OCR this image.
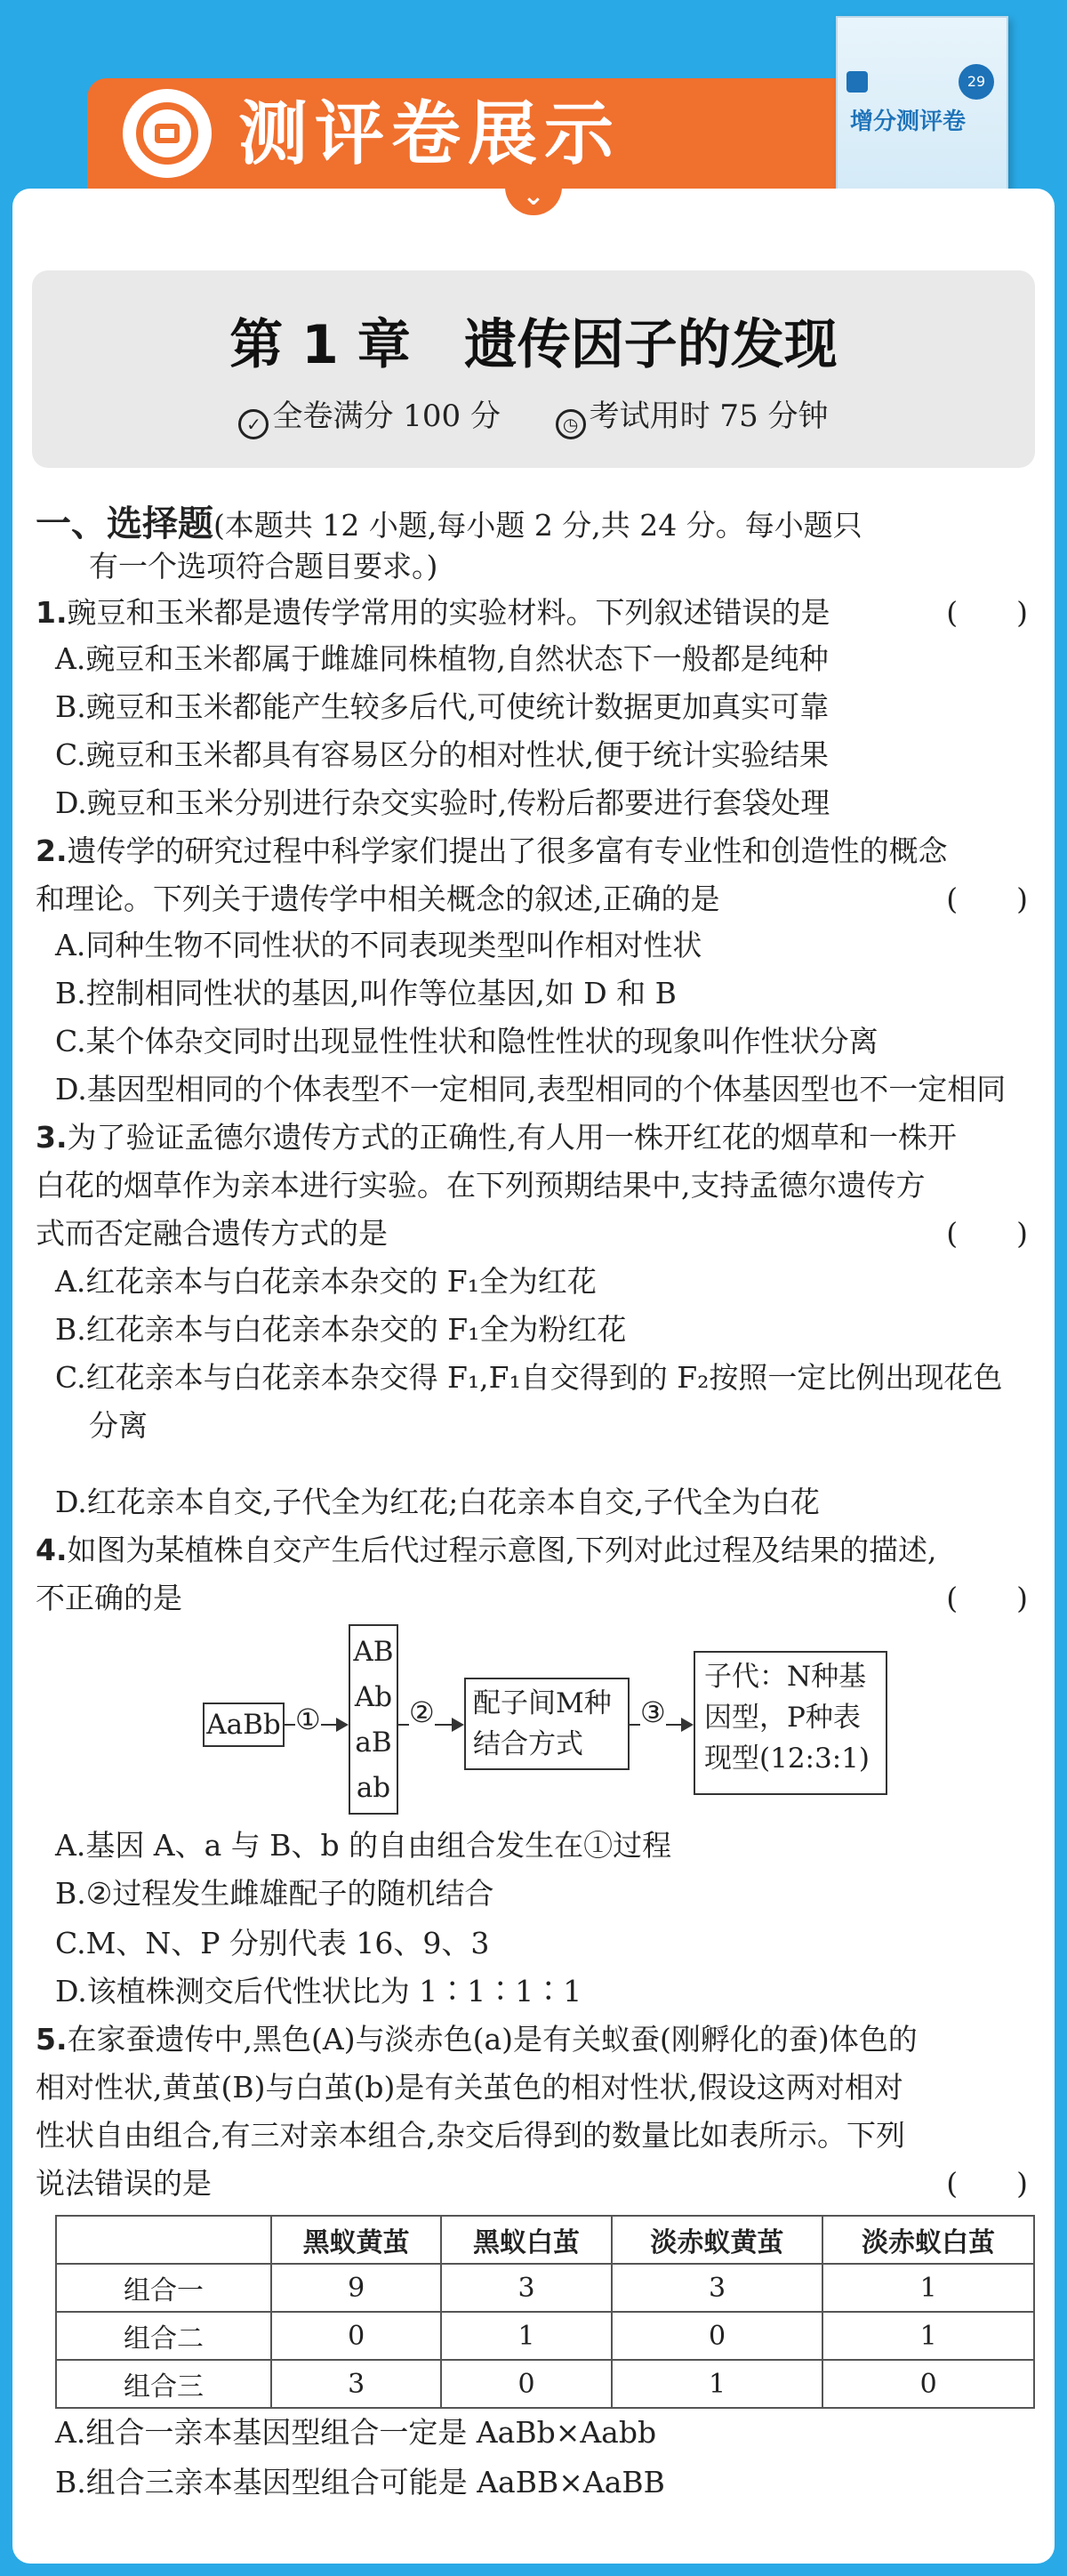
测评卷展示
29
增分测评卷
⌄
第 1 章　遗传因子的发现
✓ 全卷满分 100 分	◷ 考试用时 75 分钟
一、选择题(本题共 12 小题,每小题 2 分,共 24 分。每小题只
有一个选项符合题目要求。)
1.豌豆和玉米都是遗传学常用的实验材料。下列叙述错误的是	(　　)
A.豌豆和玉米都属于雌雄同株植物,自然状态下一般都是纯种
B.豌豆和玉米都能产生较多后代,可使统计数据更加真实可靠
C.豌豆和玉米都具有容易区分的相对性状,便于统计实验结果
D.豌豆和玉米分别进行杂交实验时,传粉后都要进行套袋处理
2.遗传学的研究过程中科学家们提出了很多富有专业性和创造性的概念
和理论。下列关于遗传学中相关概念的叙述,正确的是	(　　)
A.同种生物不同性状的不同表现类型叫作相对性状
B.控制相同性状的基因,叫作等位基因,如 D 和 B
C.某个体杂交同时出现显性性状和隐性性状的现象叫作性状分离
D.基因型相同的个体表型不一定相同,表型相同的个体基因型也不一定相同
3.为了验证孟德尔遗传方式的正确性,有人用一株开红花的烟草和一株开
白花的烟草作为亲本进行实验。在下列预期结果中,支持孟德尔遗传方
式而否定融合遗传方式的是	(　　)
A.红花亲本与白花亲本杂交的 F₁全为红花
B.红花亲本与白花亲本杂交的 F₁全为粉红花
C.红花亲本与白花亲本杂交得 F₁,F₁自交得到的 F₂按照一定比例出现花色
分离
D.红花亲本自交,子代全为红花;白花亲本自交,子代全为白花
4.如图为某植株自交产生后代过程示意图,下列对此过程及结果的描述,
不正确的是	(　　)
AaBb ①
AB
Ab
aB
ab
② 配子间M种
结合方式
③
子代：N种基
因型，P种表
现型(12:3:1)
A.基因 A、a 与 B、b 的自由组合发生在①过程
B.②过程发生雌雄配子的随机结合
C.M、N、P 分别代表 16、9、3
D.该植株测交后代性状比为 1∶1∶1∶1
5.在家蚕遗传中,黑色(A)与淡赤色(a)是有关蚁蚕(刚孵化的蚕)体色的
相对性状,黄茧(B)与白茧(b)是有关茧色的相对性状,假设这两对相对
性状自由组合,有三对亲本组合,杂交后得到的数量比如表所示。下列
说法错误的是	(　　)
	黑蚁黄茧	黑蚁白茧	淡赤蚁黄茧	淡赤蚁白茧
组合一	9	3	3	1
组合二	0	1	0	1
组合三	3	0	1	0
A.组合一亲本基因型组合一定是 AaBb×Aabb
B.组合三亲本基因型组合可能是 AaBB×AaBB
